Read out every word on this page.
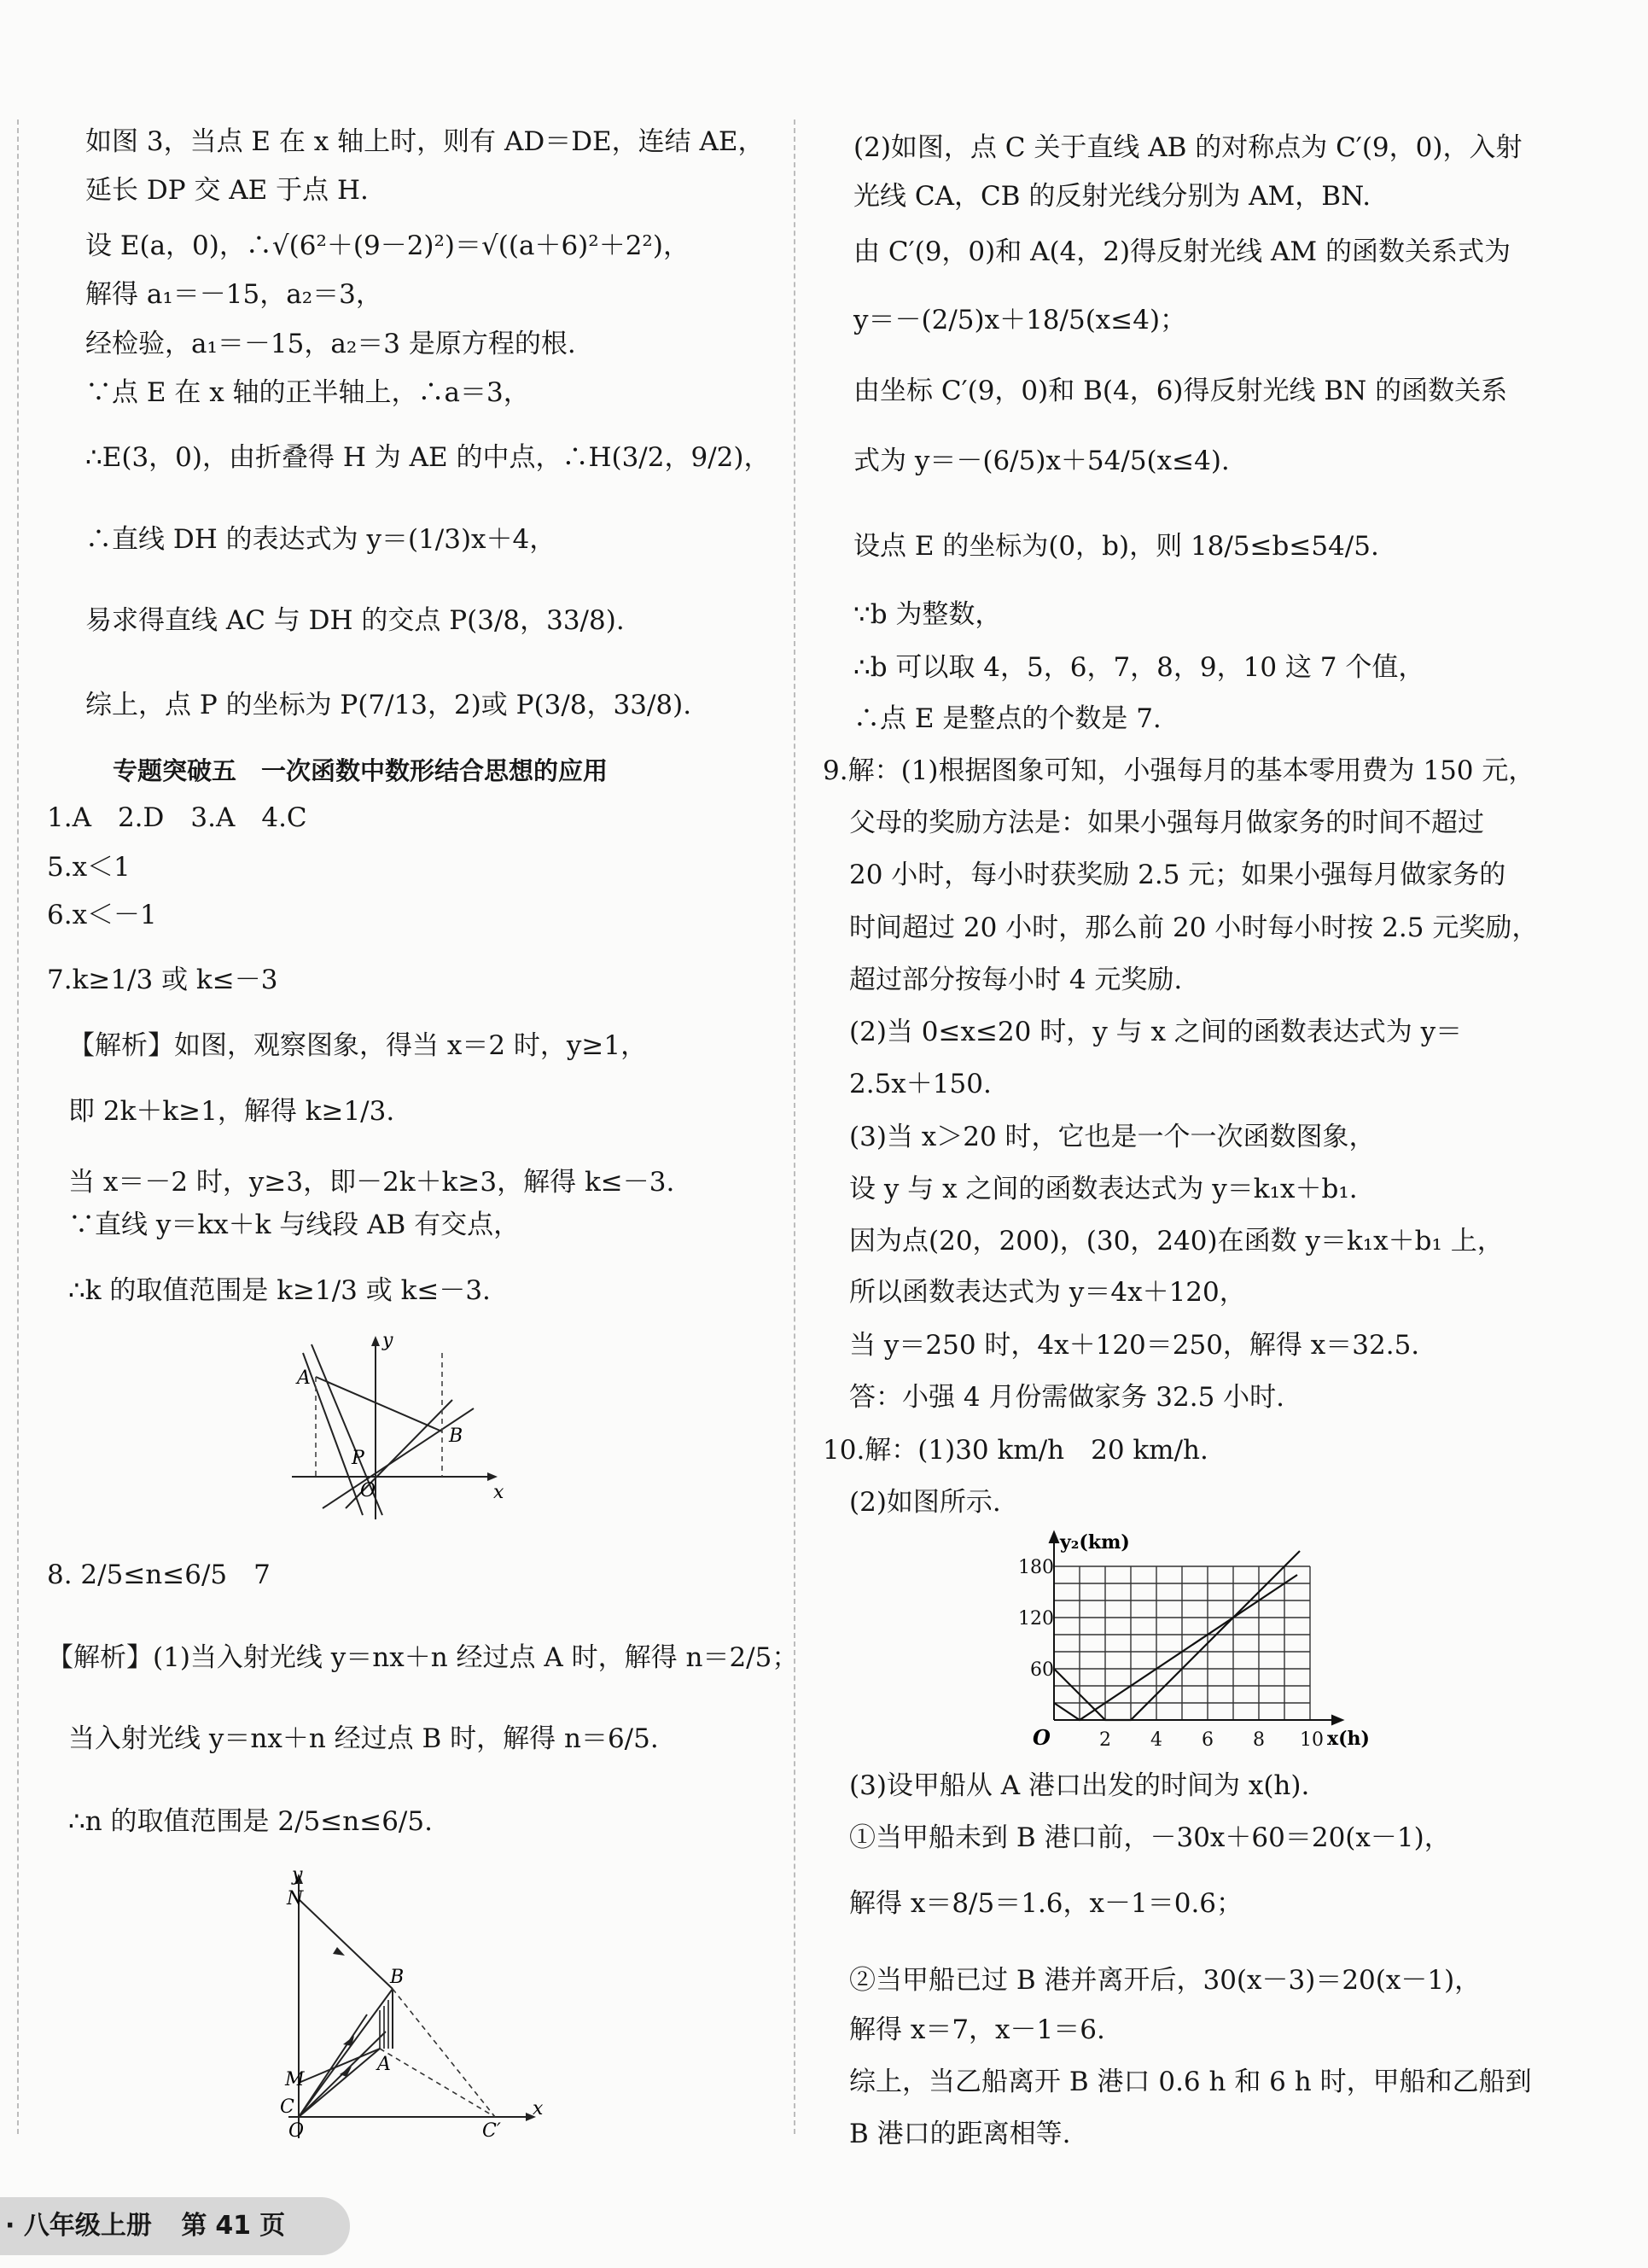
如图 3，当点 E 在 x 轴上时，则有 AD＝DE，连结 AE，
延长 DP 交 AE 于点 H.
设 E(a，0)，∴√(6²＋(9－2)²)＝√((a＋6)²＋2²)，
解得 a₁＝－15，a₂＝3，
经检验，a₁＝－15，a₂＝3 是原方程的根.
∵点 E 在 x 轴的正半轴上，∴a＝3，
∴E(3，0)，由折叠得 H 为 AE 的中点，∴H(3/2，9/2)，
∴直线 DH 的表达式为 y＝(1/3)x＋4，
易求得直线 AC 与 DH 的交点 P(3/8，33/8).
综上，点 P 的坐标为 P(7/13，2)或 P(3/8，33/8).
专题突破五　一次函数中数形结合思想的应用
1.A　2.D　3.A　4.C
5.x＜1
6.x＜－1
7.k≥1/3 或 k≤－3
【解析】如图，观察图象，得当 x＝2 时，y≥1，
即 2k＋k≥1，解得 k≥1/3.
当 x＝－2 时，y≥3，即－2k＋k≥3，解得 k≤－3.
∵直线 y＝kx＋k 与线段 AB 有交点，
∴k 的取值范围是 k≥1/3 或 k≤－3.
8. 2/5≤n≤6/5　7
【解析】(1)当入射光线 y＝nx＋n 经过点 A 时，解得 n＝2/5；
当入射光线 y＝nx＋n 经过点 B 时，解得 n＝6/5.
∴n 的取值范围是 2/5≤n≤6/5.
y
x
A
B
P
O
y
x
N
B
M
A
C
O	C′
(2)如图，点 C 关于直线 AB 的对称点为 C′(9，0)，入射
光线 CA，CB 的反射光线分别为 AM，BN.
由 C′(9，0)和 A(4，2)得反射光线 AM 的函数关系式为
y＝－(2/5)x＋18/5(x≤4)；
由坐标 C′(9，0)和 B(4，6)得反射光线 BN 的函数关系
式为 y＝－(6/5)x＋54/5(x≤4).
设点 E 的坐标为(0，b)，则 18/5≤b≤54/5.
∵b 为整数，
∴b 可以取 4，5，6，7，8，9，10 这 7 个值，
∴点 E 是整点的个数是 7.
9.解：(1)根据图象可知，小强每月的基本零用费为 150 元，
父母的奖励方法是：如果小强每月做家务的时间不超过
20 小时，每小时获奖励 2.5 元；如果小强每月做家务的
时间超过 20 小时，那么前 20 小时每小时按 2.5 元奖励，
超过部分按每小时 4 元奖励.
(2)当 0≤x≤20 时，y 与 x 之间的函数表达式为 y＝
2.5x＋150.
(3)当 x＞20 时，它也是一个一次函数图象，
设 y 与 x 之间的函数表达式为 y＝k₁x＋b₁.
因为点(20，200)，(30，240)在函数 y＝k₁x＋b₁ 上，
所以函数表达式为 y＝4x＋120，
当 y＝250 时，4x＋120＝250，解得 x＝32.5.
答：小强 4 月份需做家务 32.5 小时.
10.解：(1)30 km/h　20 km/h.
(2)如图所示.
(3)设甲船从 A 港口出发的时间为 x(h).
①当甲船未到 B 港口前，－30x＋60＝20(x－1)，
解得 x＝8/5＝1.6，x－1＝0.6；
②当甲船已过 B 港并离开后，30(x－3)＝20(x－1)，
解得 x＝7，x－1＝6.
综上，当乙船离开 B 港口 0.6 h 和 6 h 时，甲船和乙船到
B 港口的距离相等.
2 4 6 8 10
60
120
180
y₂(km)
x(h)
O
· 八年级上册 第 41 页
